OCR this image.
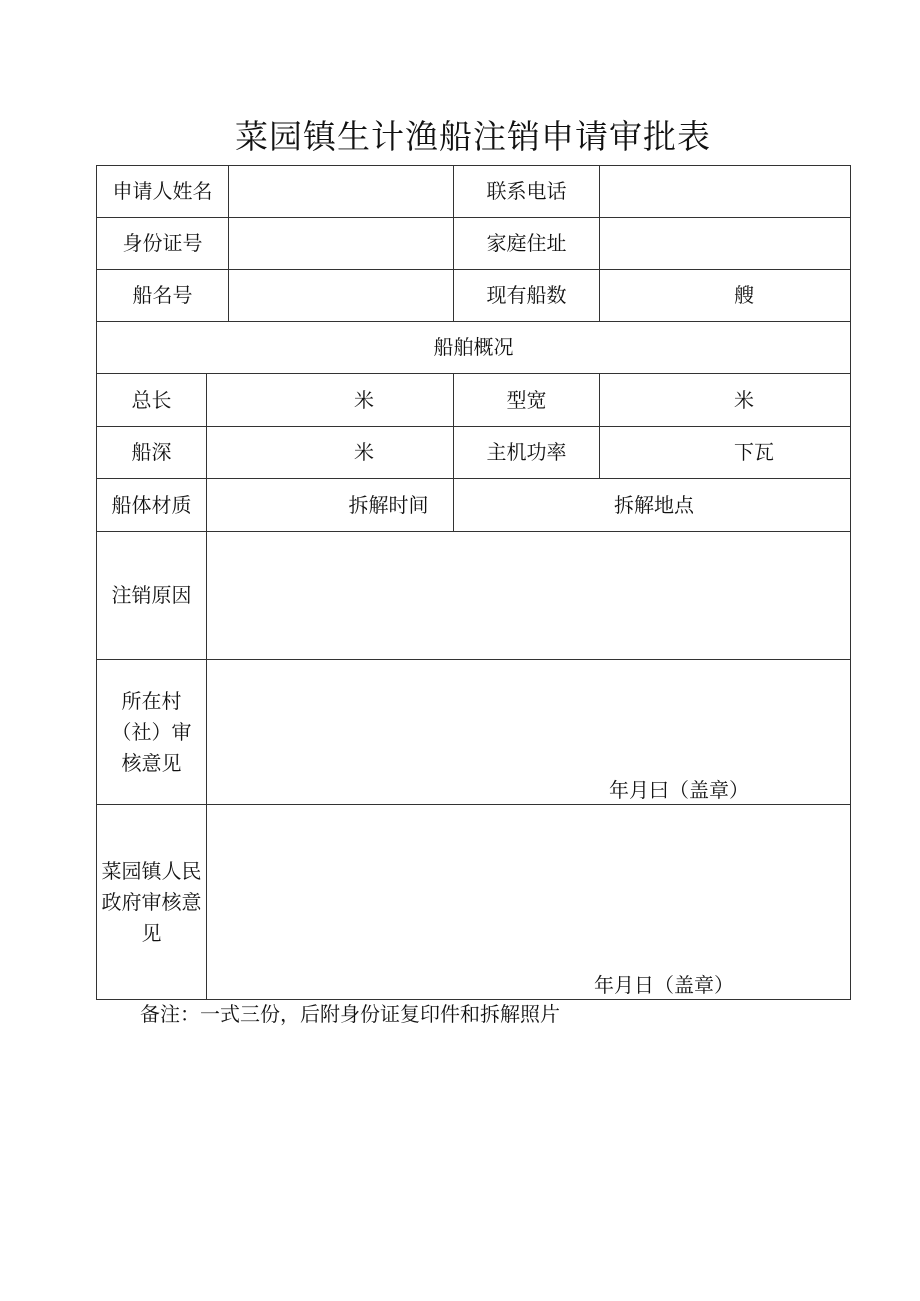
菜园镇生计渔船注销申请审批表
申请人姓名	联系电话
身份证号	家庭住址
船名号	现有船数	艘
船舶概况
总长	米	型宽	米
船深	米	主机功率	下瓦
船体材质	拆解时间	拆解地点
注销原因
所在村（社）审核意见
年月曰（盖章）
菜园镇人民政府审核意见
年月日（盖章）
备注：一式三份，后附身份证复印件和拆解照片
